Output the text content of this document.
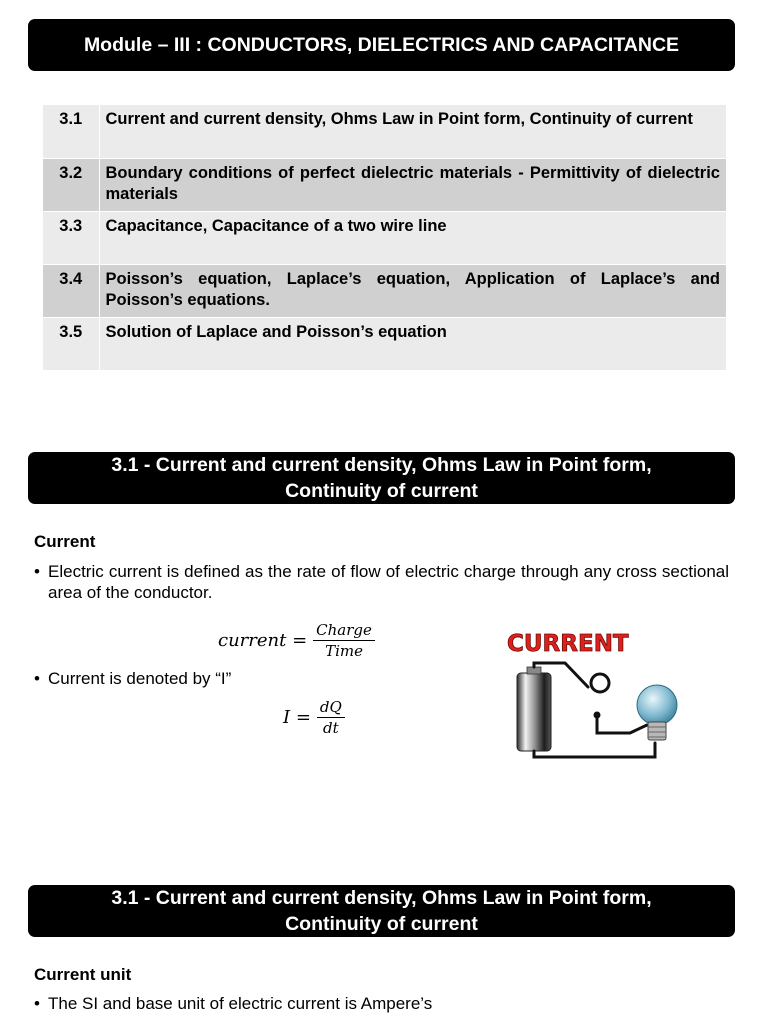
Module – III : CONDUCTORS, DIELECTRICS AND CAPACITANCE
3.1	Current and current density, Ohms Law in Point form, Continuity of current
3.2	Boundary conditions of perfect dielectric materials - Permittivity of dielectric materials
3.3	Capacitance, Capacitance of a two wire line
3.4	Poisson’s equation, Laplace’s equation, Application of Laplace’s and Poisson’s equations.
3.5	Solution of Laplace and Poisson’s equation
3.1 - Current and current density, Ohms Law in Point form,
Continuity of current
Current
• Electric current is defined as the rate of flow of electric charge through any cross sectional area of the conductor.
current = $\frac{\text{Charge}}{\text{Time}}$
• Current is denoted by “I”
$I = \frac{dQ}{dt}$
CURRENT
3.1 - Current and current density, Ohms Law in Point form,
Continuity of current
Current unit
• The SI and base unit of electric current is Ampere’s
